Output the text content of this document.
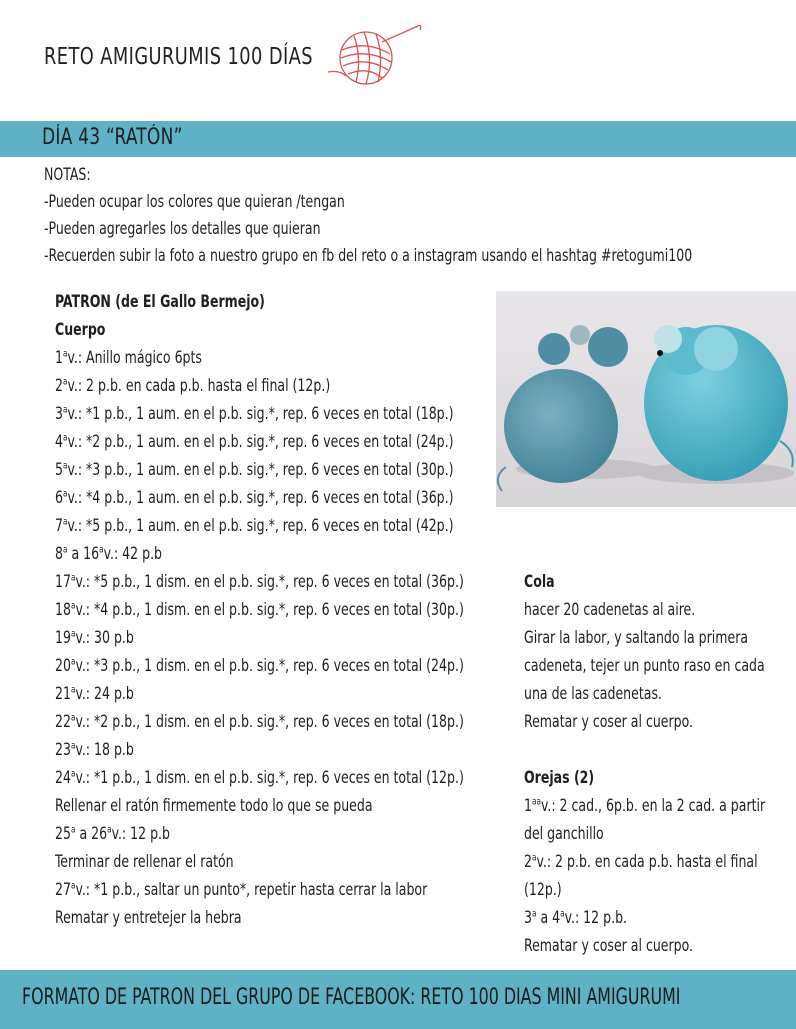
RETO AMIGURUMIS 100 DÍAS
DÍA 43 “RATÓN”
NOTAS:
-Pueden ocupar los colores que quieran /tengan
-Pueden agregarles los detalles que quieran
-Recuerden subir la foto a nuestro grupo en fb del reto o a instagram usando el hashtag #retogumi100
PATRON (de El Gallo Bermejo)
Cuerpo
1$^a$v.: Anillo mágico 6pts
2$^a$v.: 2 p.b. en cada p.b. hasta el final (12p.)
3$^a$v.: *1 p.b., 1 aum. en el p.b. sig.*, rep. 6 veces en total (18p.)
4$^a$v.: *2 p.b., 1 aum. en el p.b. sig.*, rep. 6 veces en total (24p.)
5$^a$v.: *3 p.b., 1 aum. en el p.b. sig.*, rep. 6 veces en total (30p.)
6$^a$v.: *4 p.b., 1 aum. en el p.b. sig.*, rep. 6 veces en total (36p.)
7$^a$v.: *5 p.b., 1 aum. en el p.b. sig.*, rep. 6 veces en total (42p.)
8$^a$ a 16$^a$v.: 42 p.b
17$^a$v.: *5 p.b., 1 dism. en el p.b. sig.*, rep. 6 veces en total (36p.)
18$^a$v.: *4 p.b., 1 dism. en el p.b. sig.*, rep. 6 veces en total (30p.)
19$^a$v.: 30 p.b
20$^a$v.: *3 p.b., 1 dism. en el p.b. sig.*, rep. 6 veces en total (24p.)
21$^a$v.: 24 p.b
22$^a$v.: *2 p.b., 1 dism. en el p.b. sig.*, rep. 6 veces en total (18p.)
23$^a$v.: 18 p.b
24$^a$v.: *1 p.b., 1 dism. en el p.b. sig.*, rep. 6 veces en total (12p.)
Rellenar el ratón firmemente todo lo que se pueda
25$^a$ a 26$^a$v.: 12 p.b
Terminar de rellenar el ratón
27$^a$v.: *1 p.b., saltar un punto*, repetir hasta cerrar la labor
Rematar y entretejer la hebra
Cola
hacer 20 cadenetas al aire.
Girar la labor, y saltando la primera
cadeneta, tejer un punto raso en cada
una de las cadenetas.
Rematar y coser al cuerpo.
Orejas (2)
$1^{aa}v$.: 2 cad., 6p.b. en la 2 cad. a partir
del ganchillo
2$^a$v.: 2 p.b. en cada p.b. hasta el final
(12p.)
3$^a$ a 4$^a$v.: 12 p.b.
Rematar y coser al cuerpo.
FORMATO DE PATRON DEL GRUPO DE FACEBOOK: RETO 100 DIAS MINI AMIGURUMI
